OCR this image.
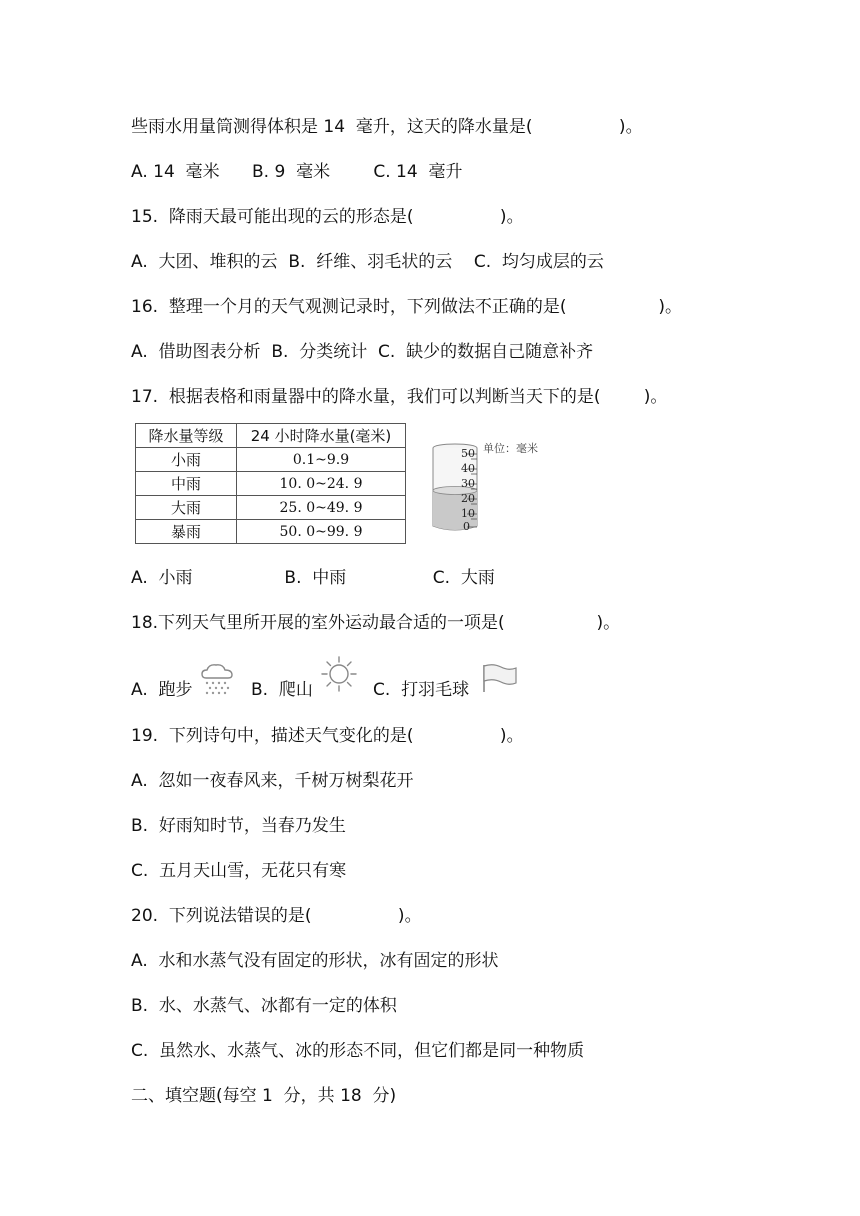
些雨水用量筒测得体积是 14  毫升，这天的降水量是(                )。
A. 14  毫米      B. 9  毫米        C. 14  毫升
15.  降雨天最可能出现的云的形态是(                )。
A.  大团、堆积的云  B.  纤维、羽毛状的云    C.  均匀成层的云
16.  整理一个月的天气观测记录时，下列做法不正确的是(                 )。
A.  借助图表分析  B.  分类统计  C.  缺少的数据自己随意补齐
17.  根据表格和雨量器中的降水量，我们可以判断当天下的是(        )。
降水量等级	24 小时降水量(毫米)
小雨	0.1~9.9
中雨	10. 0~24. 9
大雨	25. 0~49. 9
暴雨	50. 0~99. 9
50
40
30
20
10
0
单位：毫米
A.  小雨                 B.  中雨                C.  大雨
18.下列天气里所开展的室外运动最合适的一项是(                 )。
A.  跑步	B.  爬山	C.  打羽毛球
19.  下列诗句中，描述天气变化的是(                )。
A.  忽如一夜春风来，千树万树梨花开
B.  好雨知时节，当春乃发生
C.  五月天山雪，无花只有寒
20.  下列说法错误的是(                )。
A.  水和水蒸气没有固定的形状，冰有固定的形状
B.  水、水蒸气、冰都有一定的体积
C.  虽然水、水蒸气、冰的形态不同，但它们都是同一种物质
二、填空题(每空 1  分，共 18  分)
